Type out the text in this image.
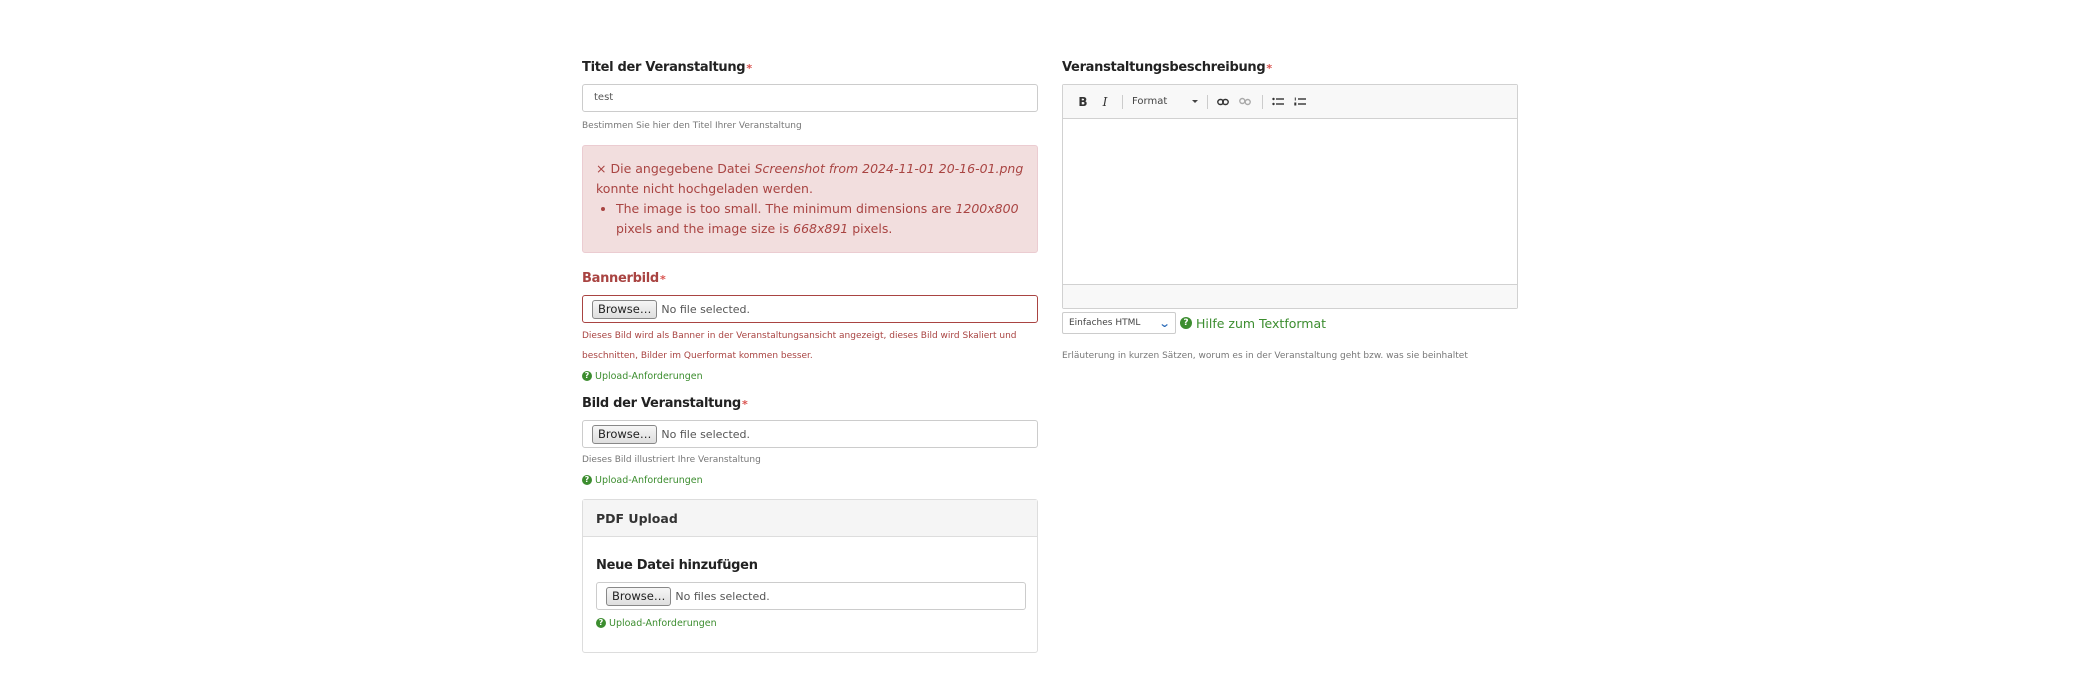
Titel der Veranstaltung*
test
Bestimmen Sie hier den Titel Ihrer Veranstaltung
× Die angegebene Datei Screenshot from 2024-11-01 20-16-01.png konnte nicht hochgeladen werden.
• The image is too small. The minimum dimensions are 1200x800 pixels and the image size is 668x891 pixels.
Bannerbild*
Browse… No file selected.
Dieses Bild wird als Banner in der Veranstaltungsansicht angezeigt, dieses Bild wird Skaliert und beschnitten, Bilder im Querformat kommen besser.
? Upload-Anforderungen
Bild der Veranstaltung*
Browse… No file selected.
Dieses Bild illustriert Ihre Veranstaltung
? Upload-Anforderungen
PDF Upload
Neue Datei hinzufügen
Browse… No files selected.
? Upload-Anforderungen
Veranstaltungsbeschreibung*
B	I	Format
Einfaches HTML ⌄	? Hilfe zum Textformat
Erläuterung in kurzen Sätzen, worum es in der Veranstaltung geht bzw. was sie beinhaltet
